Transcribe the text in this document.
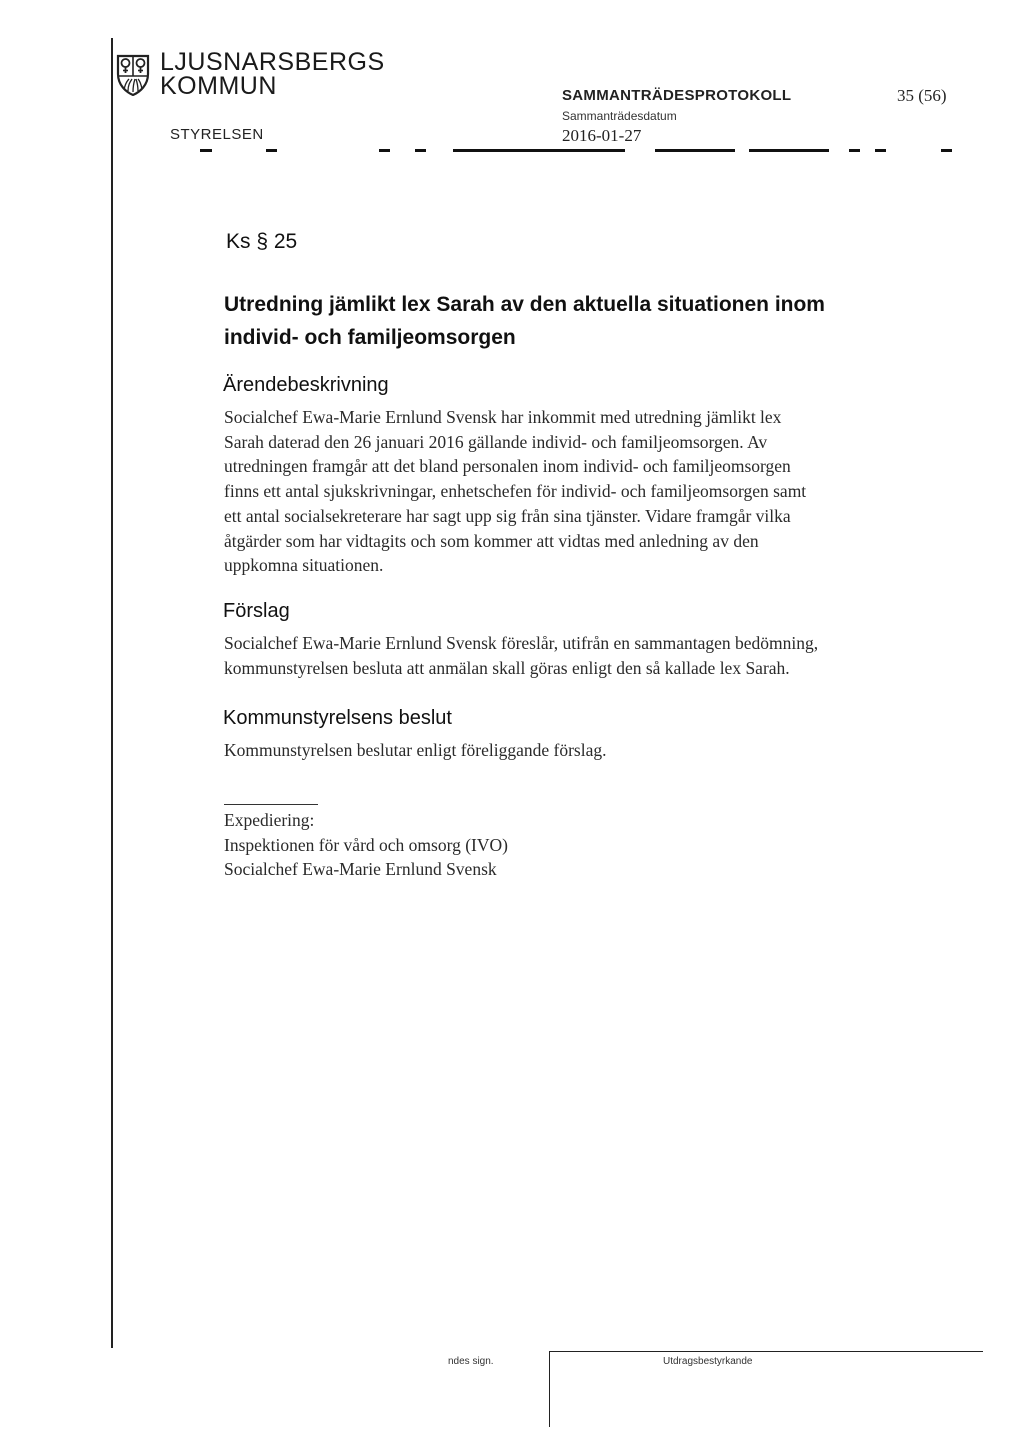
LJUSNARSBERGS
KOMMUN
STYRELSEN
SAMMANTRÄDESPROTOKOLL
Sammanträdesdatum
2016-01-27
35 (56)
Ks § 25
Utredning jämlikt lex Sarah av den aktuella situationen inom
individ- och familjeomsorgen
Ärendebeskrivning
Socialchef Ewa-Marie Ernlund Svensk har inkommit med utredning jämlikt lex
Sarah daterad den 26 januari 2016 gällande individ- och familjeomsorgen. Av
utredningen framgår att det bland personalen inom individ- och familjeomsorgen
finns ett antal sjukskrivningar, enhetschefen för individ- och familjeomsorgen samt
ett antal socialsekreterare har sagt upp sig från sina tjänster. Vidare framgår vilka
åtgärder som har vidtagits och som kommer att vidtas med anledning av den
uppkomna situationen.
Förslag
Socialchef Ewa-Marie Ernlund Svensk föreslår, utifrån en sammantagen bedömning,
kommunstyrelsen besluta att anmälan skall göras enligt den så kallade lex Sarah.
Kommunstyrelsens beslut
Kommunstyrelsen beslutar enligt föreliggande förslag.
Expediering:
Inspektionen för vård och omsorg (IVO)
Socialchef Ewa-Marie Ernlund Svensk
ndes sign.	Utdragsbestyrkande
